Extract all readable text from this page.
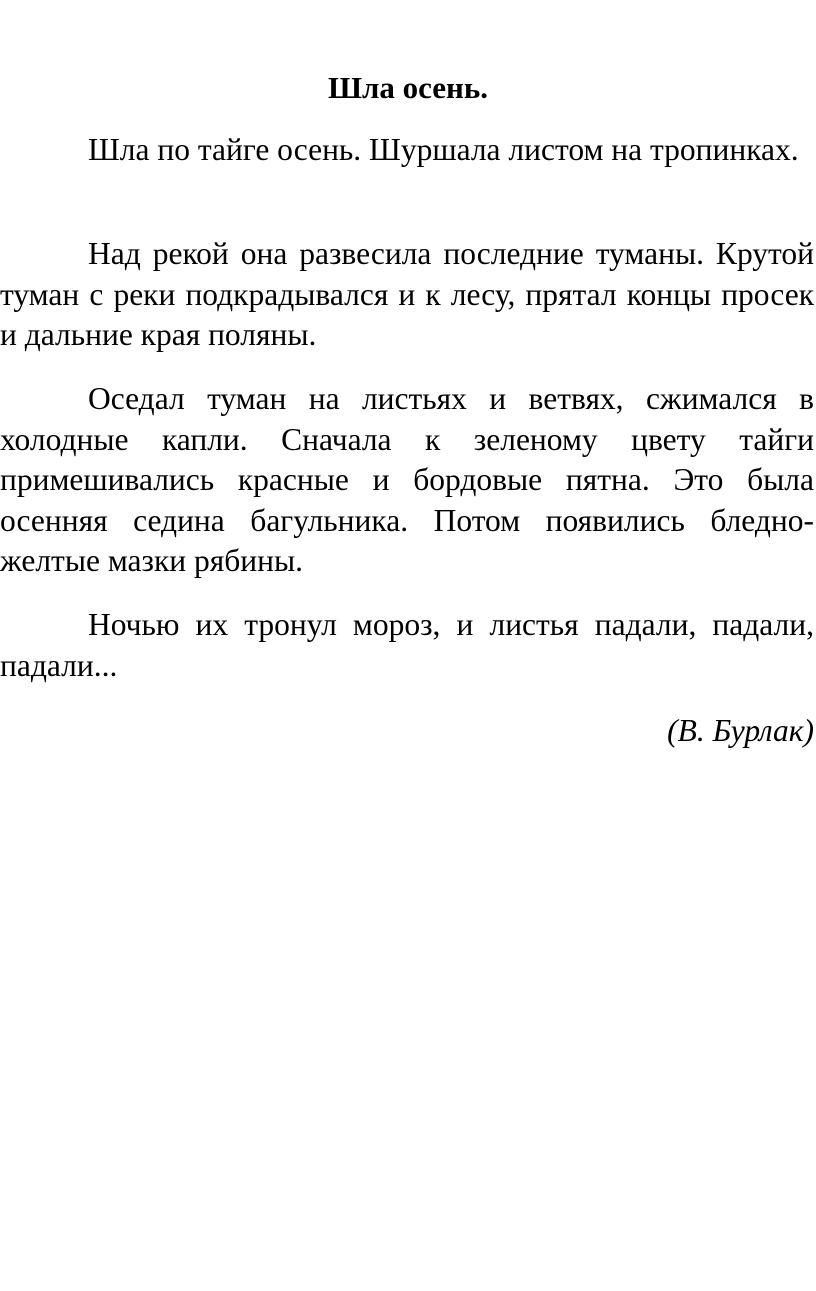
Шла осень.

Шла по тайге осень. Шуршала листом на тропинках.

Над рекой она развесила последние туманы. Крутой туман с реки подкрадывался и к лесу, прятал концы просек и дальние края поляны.

Оседал туман на листьях и ветвях, сжимался в холодные капли. Сначала к зеленому цвету тайги примешивались красные и бордовые пятна. Это была осенняя седина багульника. Потом появились бледно-желтые мазки рябины.

Ночью их тронул мороз, и листья падали, падали, падали...

(В. Бурлак)
